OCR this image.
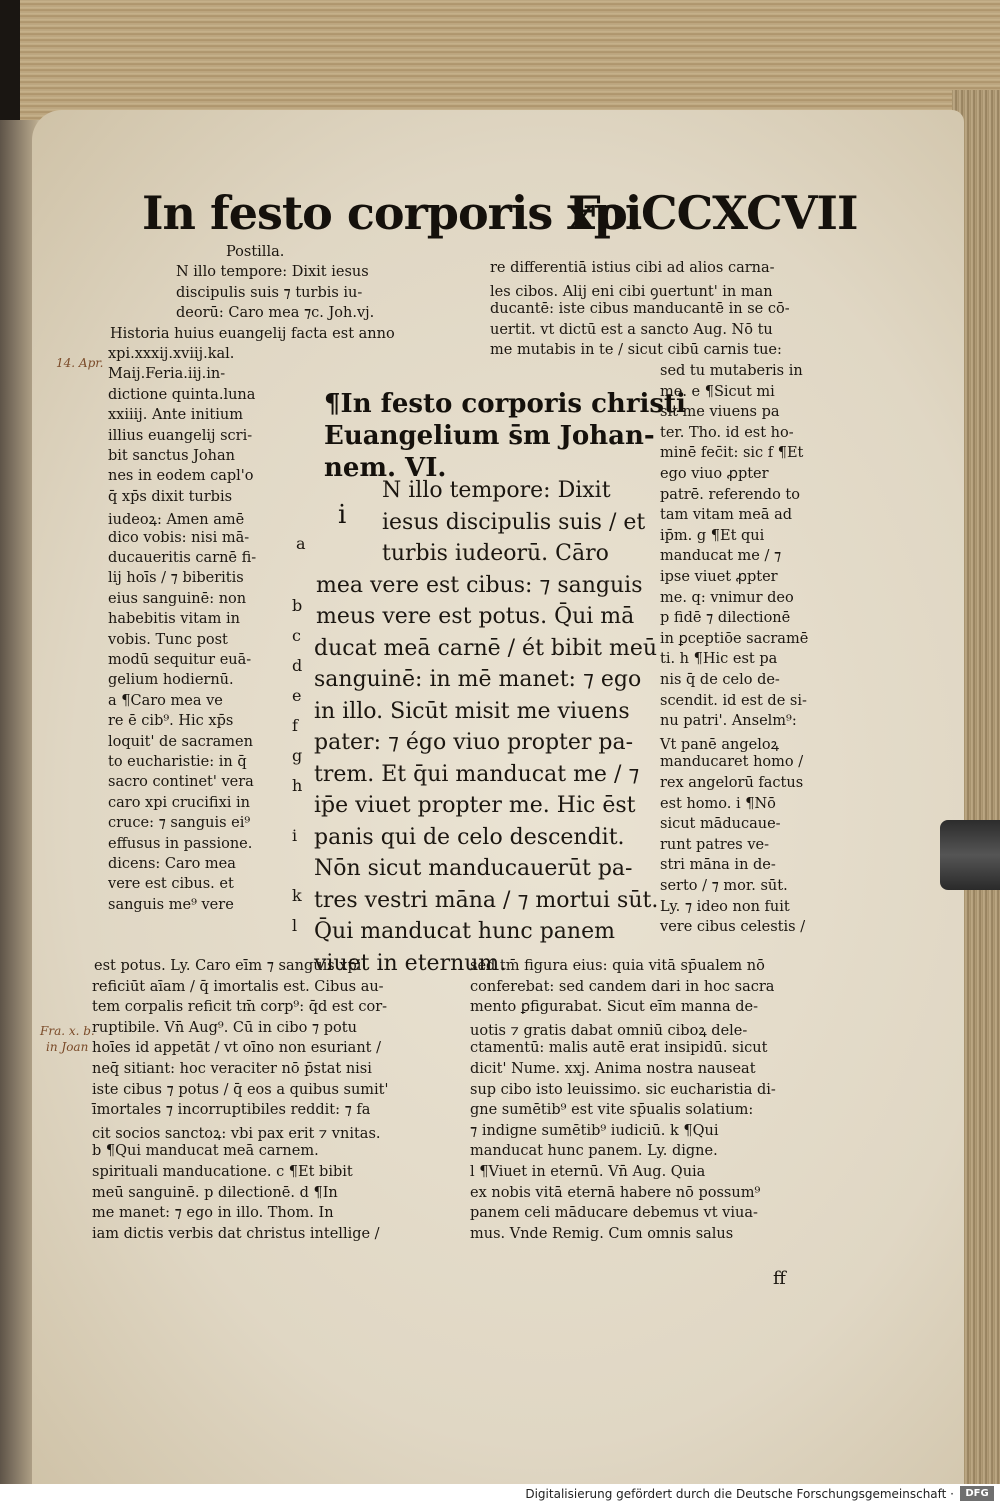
In festo corporis xpi
Fo.CCXCVII
Postilla.
N illo tempore: Dixit iesus
discipulis suis ⁊ turbis iu-
deorū: Caro mea ⁊c. Joh.vj.
Historia huius euangelij facta est anno
xpi.xxxij.xviij.kal.
Maij.Feria.iij.in-
dictione quinta.luna
xxiiij. Ante initium
illius euangelij scri-
bit sanctus Johan
nes in eodem capl'o
q̄ xp̄s dixit turbis
iudeoꝝ: Amen amē
dico vobis: nisi mā-
ducaueritis carnē fi-
lij hoīs / ⁊ biberitis
eius sanguinē: non
habebitis vitam in
vobis. Tunc post
modū sequitur euā-
gelium hodiernū.
a ¶Caro mea ve
re ē cib⁹. Hic xp̄s
loquit' de sacramen
to eucharistie: in q̄
sacro continet' vera
caro xpi crucifixi in
cruce: ⁊ sanguis ei⁹
effusus in passione.
dicens: Caro mea
vere est cibus. et
sanguis me⁹ vere
re differentiā istius cibi ad alios carna-
les cibos. Alij eni cibi ꝯuertunt' in man
ducantē: iste cibus manducantē in se cō-
uertit. vt dictū est a sancto Aug. Nō tu
me mutabis in te / sicut cibū carnis tue:
sed tu mutaberis in
me. e ¶Sicut mi
sit me viuens pa
ter. Tho. id est ho-
minē fec̄it: sic f ¶Et
ego viuo ꝓpter
patrē. referendo to
tam vitam meā ad
ip̄m. g ¶Et qui
manducat me / ⁊
ipse viuet ꝓpter
me. q: vnimur deo
p fidē ⁊ dilectionē
in ꝑceptiōe sacramē
ti. h ¶Hic est pa
nis q̄ de celo de-
scendit. id est de si-
nu patri'. Anselm⁹:
Vt panē angeloꝝ
manducaret homo /
rex angelorū factus
est homo. i ¶Nō
sicut māducaue-
runt patres ve-
stri māna in de-
serto / ⁊ mor. sūt.
Ly. ⁊ ideo non fuit
vere cibus celestis /
¶In festo corporis christi
Euangelium s̄m Johan-
nem. VI.
i
N illo tempore: Dixit
iesus discipulis suis / et
turbis iudeorū. Cāro
mea vere est cibus: ⁊ sanguis
meus vere est potus. Q̄ui mā
ducat meā carnē / ét bibit meū
sanguinē: in mē manet: ⁊ ego
in illo. Sicūt misit me viuens
pater: ⁊ égo viuo propter pa-
trem. Et q̄ui manducat me / ⁊
ip̄e viuet propter me. Hic ēst
panis qui de celo descendit.
Nōn sicut manducauerūt pa-
tres vestri māna / ⁊ mortui sūt.
Q̄ui manducat hunc panem
viuet in eternum.
a
b
c
d
e
f
g
h
i
k
l
est potus. Ly. Caro eīm ⁊ sanguis xp̄i
reficiūt aīam / q̄ imortalis est. Cibus au-
tem corpalis reficit tm̄ corp⁹: q̄d est cor-
ruptibile. Vn̄ Aug⁹. Cū in cibo ⁊ potu
hoīes id appetāt / vt oīno non esuriant /
neq̄ sitiant: hoc veraciter nō p̄stat nisi
iste cibus ⁊ potus / q̄ eos a quibus sumit'
īmortales ⁊ incorruptibiles reddit: ⁊ fa
cit socios sanctoꝝ: vbi pax erit ⁊ vnitas.
b ¶Qui manducat meā carnem.
spirituali manducatione. c ¶Et bibit
meū sanguinē. p dilectionē. d ¶In
me manet: ⁊ ego in illo. Thom. In
iam dictis verbis dat christus intellige /
sed tm̄ figura eius: quia vitā sp̄ualem nō
conferebat: sed candem dari in hoc sacra
mento ꝑfigurabat. Sicut eīm manna de-
uotis ⁊ gratis dabat omniū ciboꝝ dele-
ctamentū: malis autē erat insipidū. sicut
dicit' Nume. xxj. Anima nostra nauseat
sup cibo isto leuissimo. sic eucharistia di-
gne sumētib⁹ est vite sp̄ualis solatium:
⁊ indigne sumētib⁹ iudiciū. k ¶Qui
manducat hunc panem. Ly. digne.
l ¶Viuet in eternū. Vn̄ Aug. Quia
ex nobis vitā eternā habere nō possum⁹
panem celi māducare debemus vt viua-
mus. Vnde Remig. Cum omnis salus
ff
14. Apr.
Fra. x. b.
in Joan
Digitalisierung gefördert durch die Deutsche Forschungsgemeinschaft ·	DFG
